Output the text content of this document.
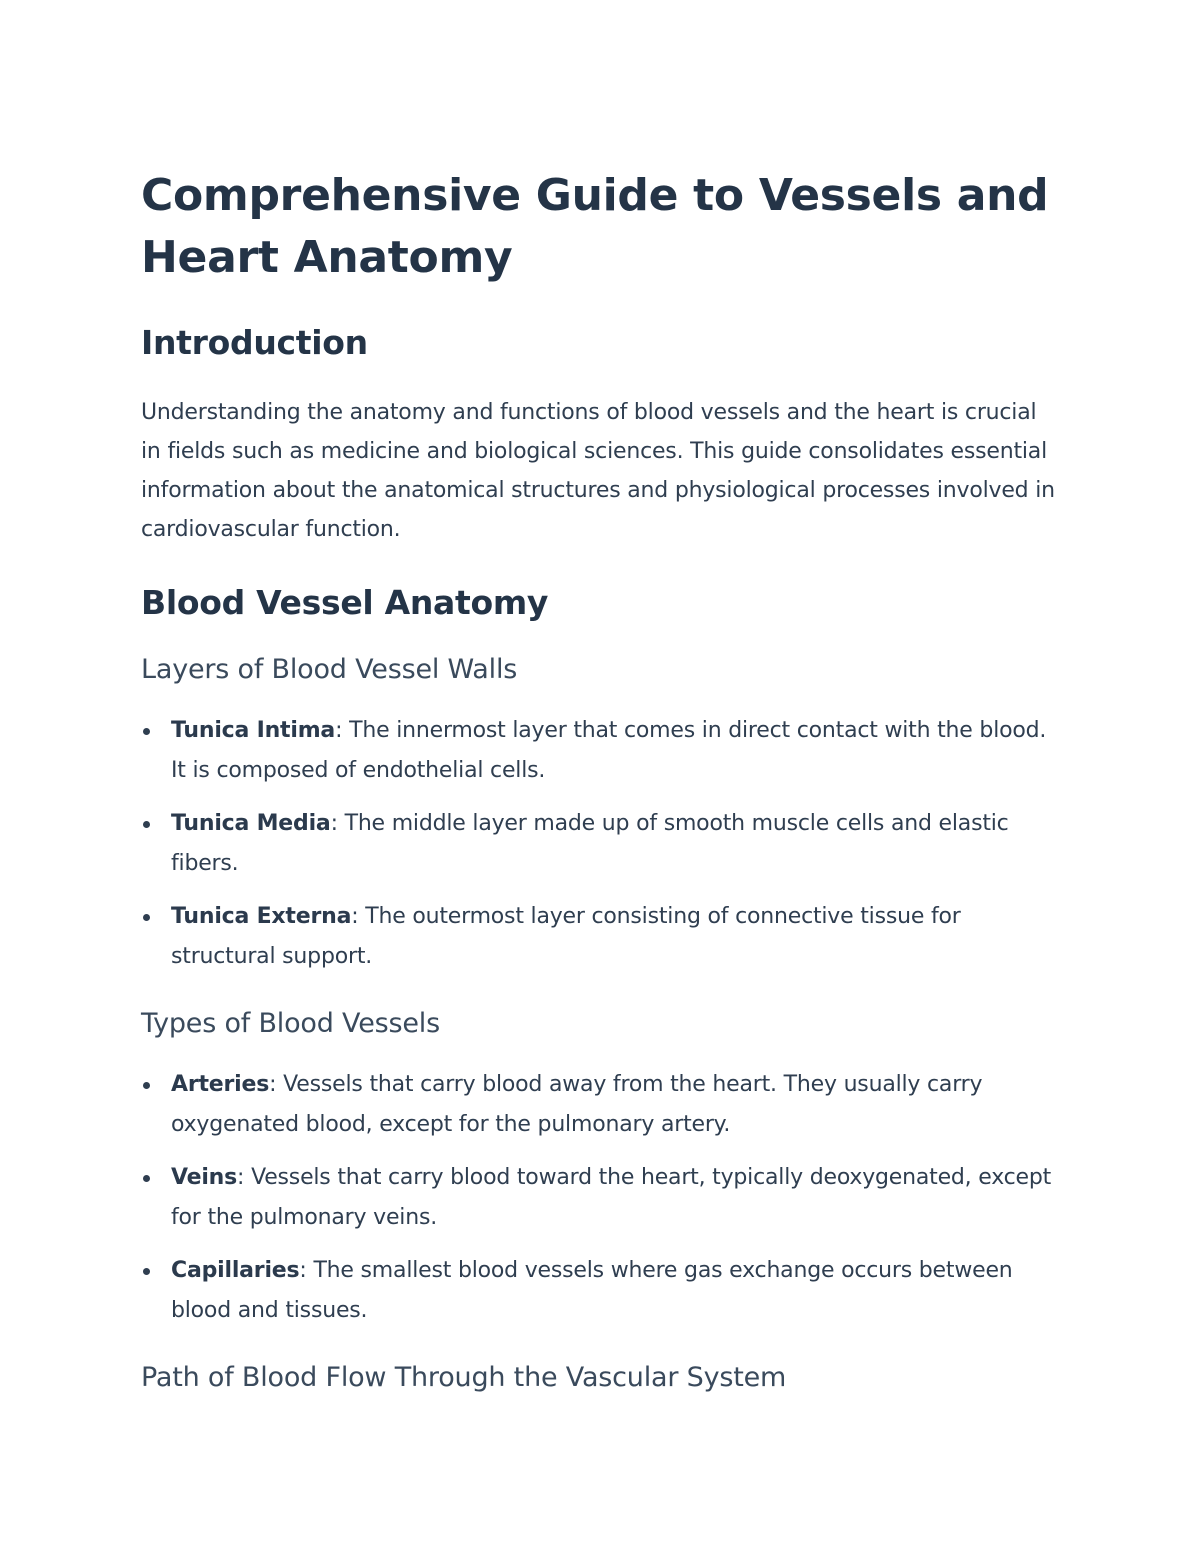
Comprehensive Guide to Vessels and Heart Anatomy
Introduction

Understanding the anatomy and functions of blood vessels and the heart is crucial in fields such as medicine and biological sciences. This guide consolidates essential information about the anatomical structures and physiological processes involved in cardiovascular function.

Blood Vessel Anatomy
Layers of Blood Vessel Walls
Tunica Intima: The innermost layer that comes in direct contact with the blood. It is composed of endothelial cells.
Tunica Media: The middle layer made up of smooth muscle cells and elastic fibers.
Tunica Externa: The outermost layer consisting of connective tissue for structural support.
Types of Blood Vessels
Arteries: Vessels that carry blood away from the heart. They usually carry oxygenated blood, except for the pulmonary artery.
Veins: Vessels that carry blood toward the heart, typically deoxygenated, except for the pulmonary veins.
Capillaries: The smallest blood vessels where gas exchange occurs between blood and tissues.
Path of Blood Flow Through the Vascular System
